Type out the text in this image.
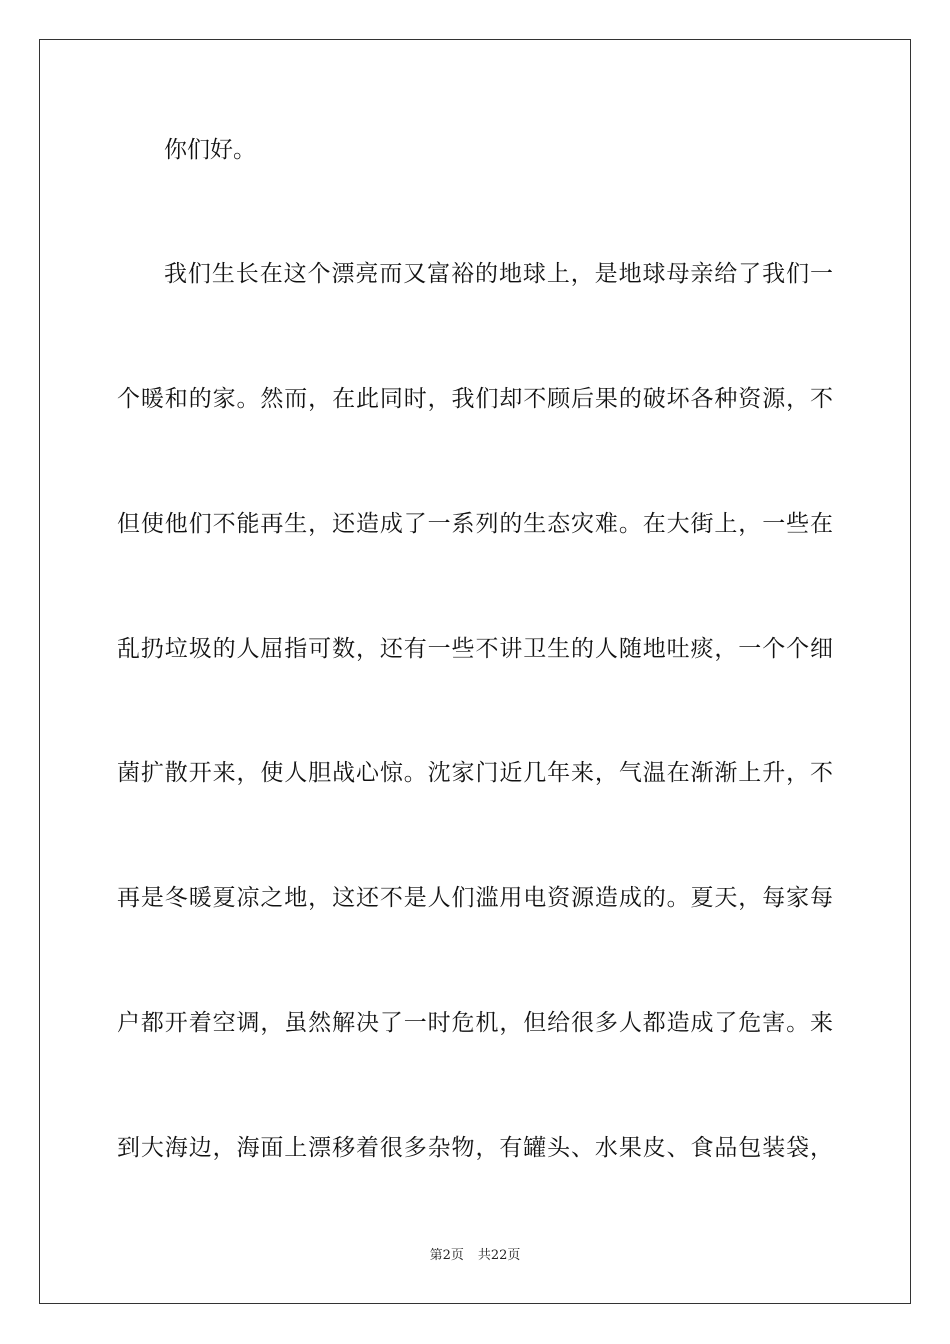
你们好。
我们生长在这个漂亮而又富裕的地球上，是地球母亲给了我们一
个暖和的家。然而，在此同时，我们却不顾后果的破坏各种资源，不
但使他们不能再生，还造成了一系列的生态灾难。在大街上，一些在
乱扔垃圾的人屈指可数，还有一些不讲卫生的人随地吐痰，一个个细
菌扩散开来，使人胆战心惊。沈家门近几年来，气温在渐渐上升，不
再是冬暖夏凉之地，这还不是人们滥用电资源造成的。夏天，每家每
户都开着空调，虽然解决了一时危机，但给很多人都造成了危害。来
到大海边，海面上漂移着很多杂物，有罐头、水果皮、食品包装袋，
第2页 共22页
